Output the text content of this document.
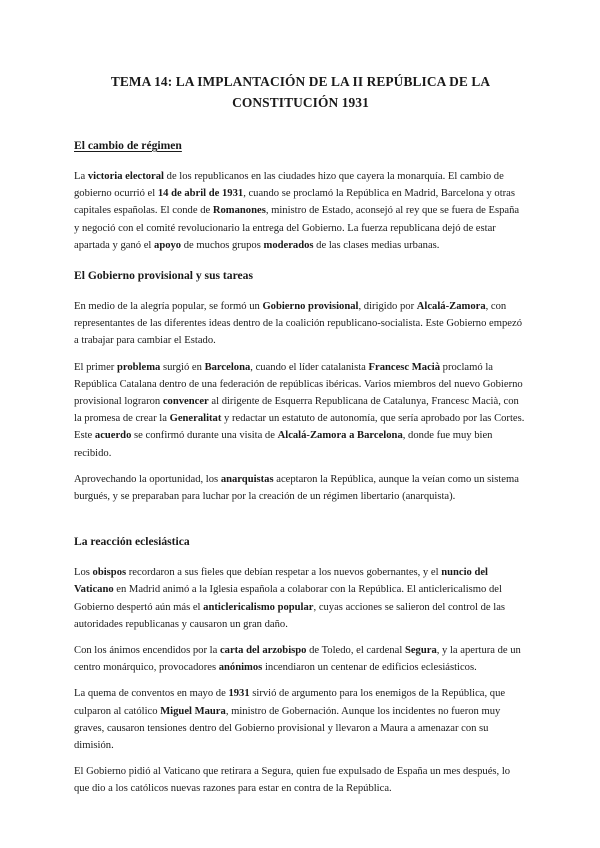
TEMA 14: LA IMPLANTACIÓN DE LA II REPÚBLICA DE LA
CONSTITUCIÓN 1931
El cambio de régimen

La victoria electoral de los republicanos en las ciudades hizo que cayera la monarquía. El cambio de gobierno ocurrió el 14 de abril de 1931, cuando se proclamó la República en Madrid, Barcelona y otras capitales españolas. El conde de Romanones, ministro de Estado, aconsejó al rey que se fuera de España y negoció con el comité revolucionario la entrega del Gobierno. La fuerza republicana dejó de estar apartada y ganó el apoyo de muchos grupos moderados de las clases medias urbanas.

El Gobierno provisional y sus tareas

En medio de la alegría popular, se formó un Gobierno provisional, dirigido por Alcalá-Zamora, con representantes de las diferentes ideas dentro de la coalición republicano-socialista. Este Gobierno empezó a trabajar para cambiar el Estado.

El primer problema surgió en Barcelona, cuando el líder catalanista Francesc Macià proclamó la República Catalana dentro de una federación de repúblicas ibéricas. Varios miembros del nuevo Gobierno provisional lograron convencer al dirigente de Esquerra Republicana de Catalunya, Francesc Macià, con la promesa de crear la Generalitat y redactar un estatuto de autonomía, que sería aprobado por las Cortes. Este acuerdo se confirmó durante una visita de Alcalá-Zamora a Barcelona, donde fue muy bien recibido.

Aprovechando la oportunidad, los anarquistas aceptaron la República, aunque la veían como un sistema burgués, y se preparaban para luchar por la creación de un régimen libertario (anarquista).

La reacción eclesiástica

Los obispos recordaron a sus fieles que debían respetar a los nuevos gobernantes, y el nuncio del Vaticano en Madrid animó a la Iglesia española a colaborar con la República. El anticlericalismo del Gobierno despertó aún más el anticlericalismo popular, cuyas acciones se salieron del control de las autoridades republicanas y causaron un gran daño.

Con los ánimos encendidos por la carta del arzobispo de Toledo, el cardenal Segura, y la apertura de un centro monárquico, provocadores anónimos incendiaron un centenar de edificios eclesiásticos.

La quema de conventos en mayo de 1931 sirvió de argumento para los enemigos de la República, que culparon al católico Miguel Maura, ministro de Gobernación. Aunque los incidentes no fueron muy graves, causaron tensiones dentro del Gobierno provisional y llevaron a Maura a amenazar con su dimisión.

El Gobierno pidió al Vaticano que retirara a Segura, quien fue expulsado de España un mes después, lo que dio a los católicos nuevas razones para estar en contra de la República.
